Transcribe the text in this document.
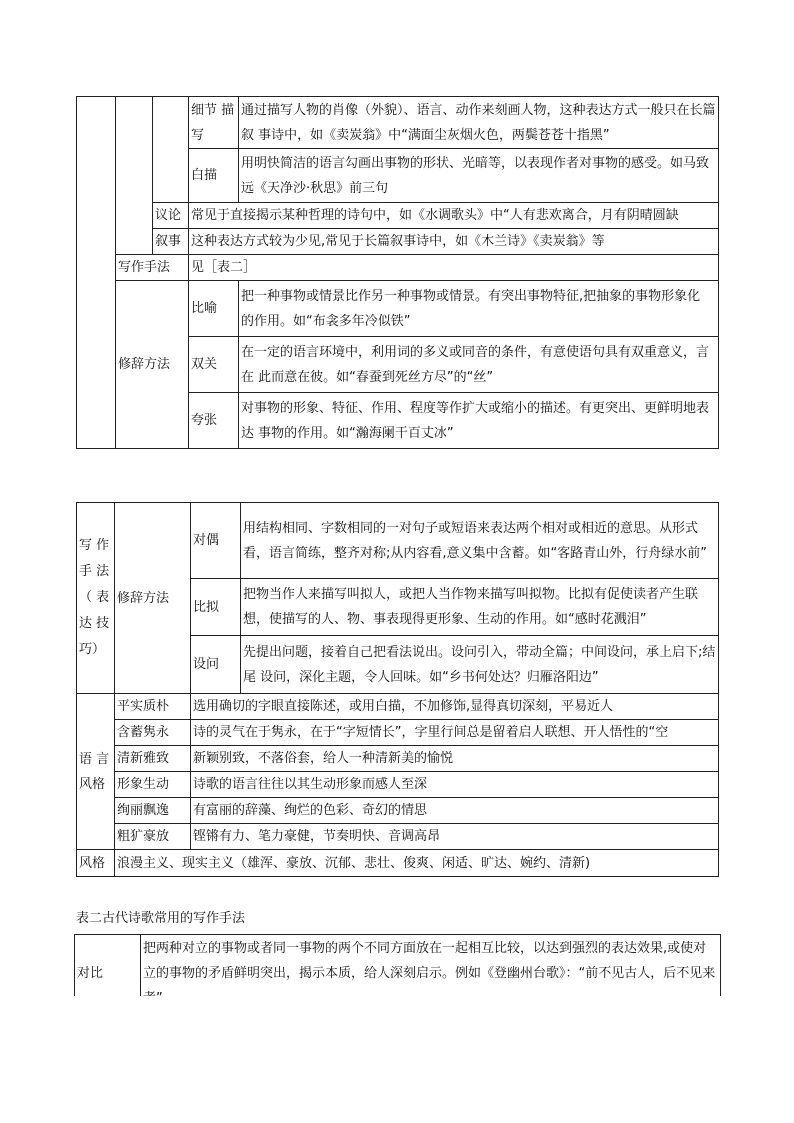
			细节 描写	通过描写人物的肖像（外貌）、语言、动作来刻画人物，这种表达方式一般只在长篇叙 事诗中，如《卖炭翁》中“满面尘灰烟火色，两鬓苍苍十指黑”
			白描	用明快简洁的语言勾画出事物的形状、光暗等，以表现作者对事物的感受。如马致 远《天净沙·秋思》前三句
		议论	常见于直接揭示某种哲理的诗句中，如《水调歌头》中“人有悲欢离合，月有阴晴圆缺	
		叙事	这种表达方式较为少见,常见于长篇叙事诗中，如《木兰诗》《卖炭翁》等	
	写作手法		见［表二］	
	修辞方法		比喻	把一种事物或情景比作另一种事物或情景。有突出事物特征,把抽象的事物形象化 的作用。如“布衾多年冷似铁”
			双关	在一定的语言环境中，利用词的多义或同音的条件，有意使语句具有双重意义，言在 此而意在彼。如“春蚕到死丝方尽”的“丝”
			夸张	对事物的形象、特征、作用、程度等作扩大或缩小的描述。有更突出、更鲜明地表达 事物的作用。如“瀚海阑干百丈冰”
写 作 手 法（ 表 达 技 巧）	修辞方法	对偶	用结构相同、字数相同的一对句子或短语来表达两个相对或相近的意思。从形式 看，语言简练，整齐对称;从内容看,意义集中含蓄。如“客路青山外，行舟绿水前”
		比拟	把物当作人来描写叫拟人，或把人当作物来描写叫拟物。比拟有促使读者产生联 想，使描写的人、物、事表现得更形象、生动的作用。如“感时花溅泪”
		设问	先提出问题，接着自己把看法说出。设问引入，带动全篇；中间设问，承上启下;结尾 设问，深化主题，令人回味。如“乡书何处达？归雁洛阳边”
语 言 风格	平实质朴	选用确切的字眼直接陈述，或用白描，不加修饰,显得真切深刻，平易近人	
	含蓄隽永	诗的灵气在于隽永，在于“字短情长”，字里行间总是留着启人联想、开人悟性的“空	
	清新雅致	新颖别致，不落俗套，给人一种清新美的愉悦	
	形象生动	诗歌的语言往往以其生动形象而感人至深	
	绚丽飘逸	有富丽的辞藻、绚烂的色彩、奇幻的情思	
	粗犷豪放	铿锵有力、笔力豪健，节奏明快、音调高昂	
风格	浪漫主义、现实主义（雄浑、豪放、沉郁、悲壮、俊爽、闲适、旷达、婉约、清新)		
表二古代诗歌常用的写作手法
对比	把两种对立的事物或者同一事物的两个不同方面放在一起相互比较，以达到强烈的表达效果,或使对 立的事物的矛盾鲜明突出，揭示本质，给人深刻启示。例如《登幽州台歌》：“前不见古人，后不见来
